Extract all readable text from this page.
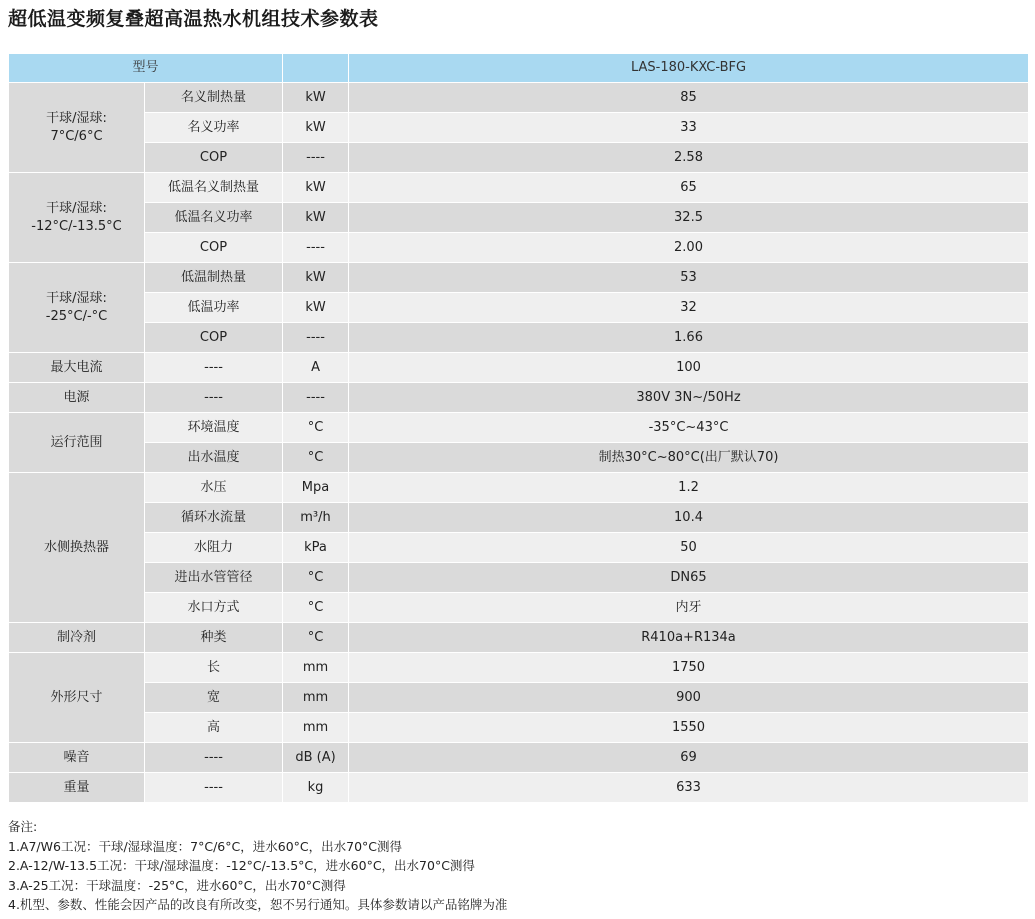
超低温变频复叠超高温热水机组技术参数表
型号			LAS-180-KXC-BFG
干球/湿球:
7°C/6°C	名义制热量	kW	85
	名义功率	kW	33
	COP	----	2.58
干球/湿球:
-12°C/-13.5°C	低温名义制热量	kW	65
	低温名义功率	kW	32.5
	COP	----	2.00
干球/湿球:
-25°C/-°C	低温制热量	kW	53
	低温功率	kW	32
	COP	----	1.66
最大电流	----	A	100
电源	----	----	380V 3N~/50Hz
运行范围	环境温度	°C	-35°C~43°C
	出水温度	°C	制热30°C~80°C(出厂默认70)
水侧换热器	水压	Mpa	1.2
	循环水流量	m³/h	10.4
	水阻力	kPa	50
	进出水管管径	°C	DN65
	水口方式	°C	内牙
制冷剂	种类	°C	R410a+R134a
外形尺寸	长	mm	1750
	宽	mm	900
	高	mm	1550
噪音	----	dB (A)	69
重量	----	kg	633
备注:
1.A7/W6工况：干球/湿球温度：7°C/6°C，进水60°C，出水70°C测得
2.A-12/W-13.5工况：干球/湿球温度：-12°C/-13.5°C，进水60°C，出水70°C测得
3.A-25工况：干球温度：-25°C，进水60°C，出水70°C测得
4.机型、参数、性能会因产品的改良有所改变，恕不另行通知。具体参数请以产品铭牌为准
